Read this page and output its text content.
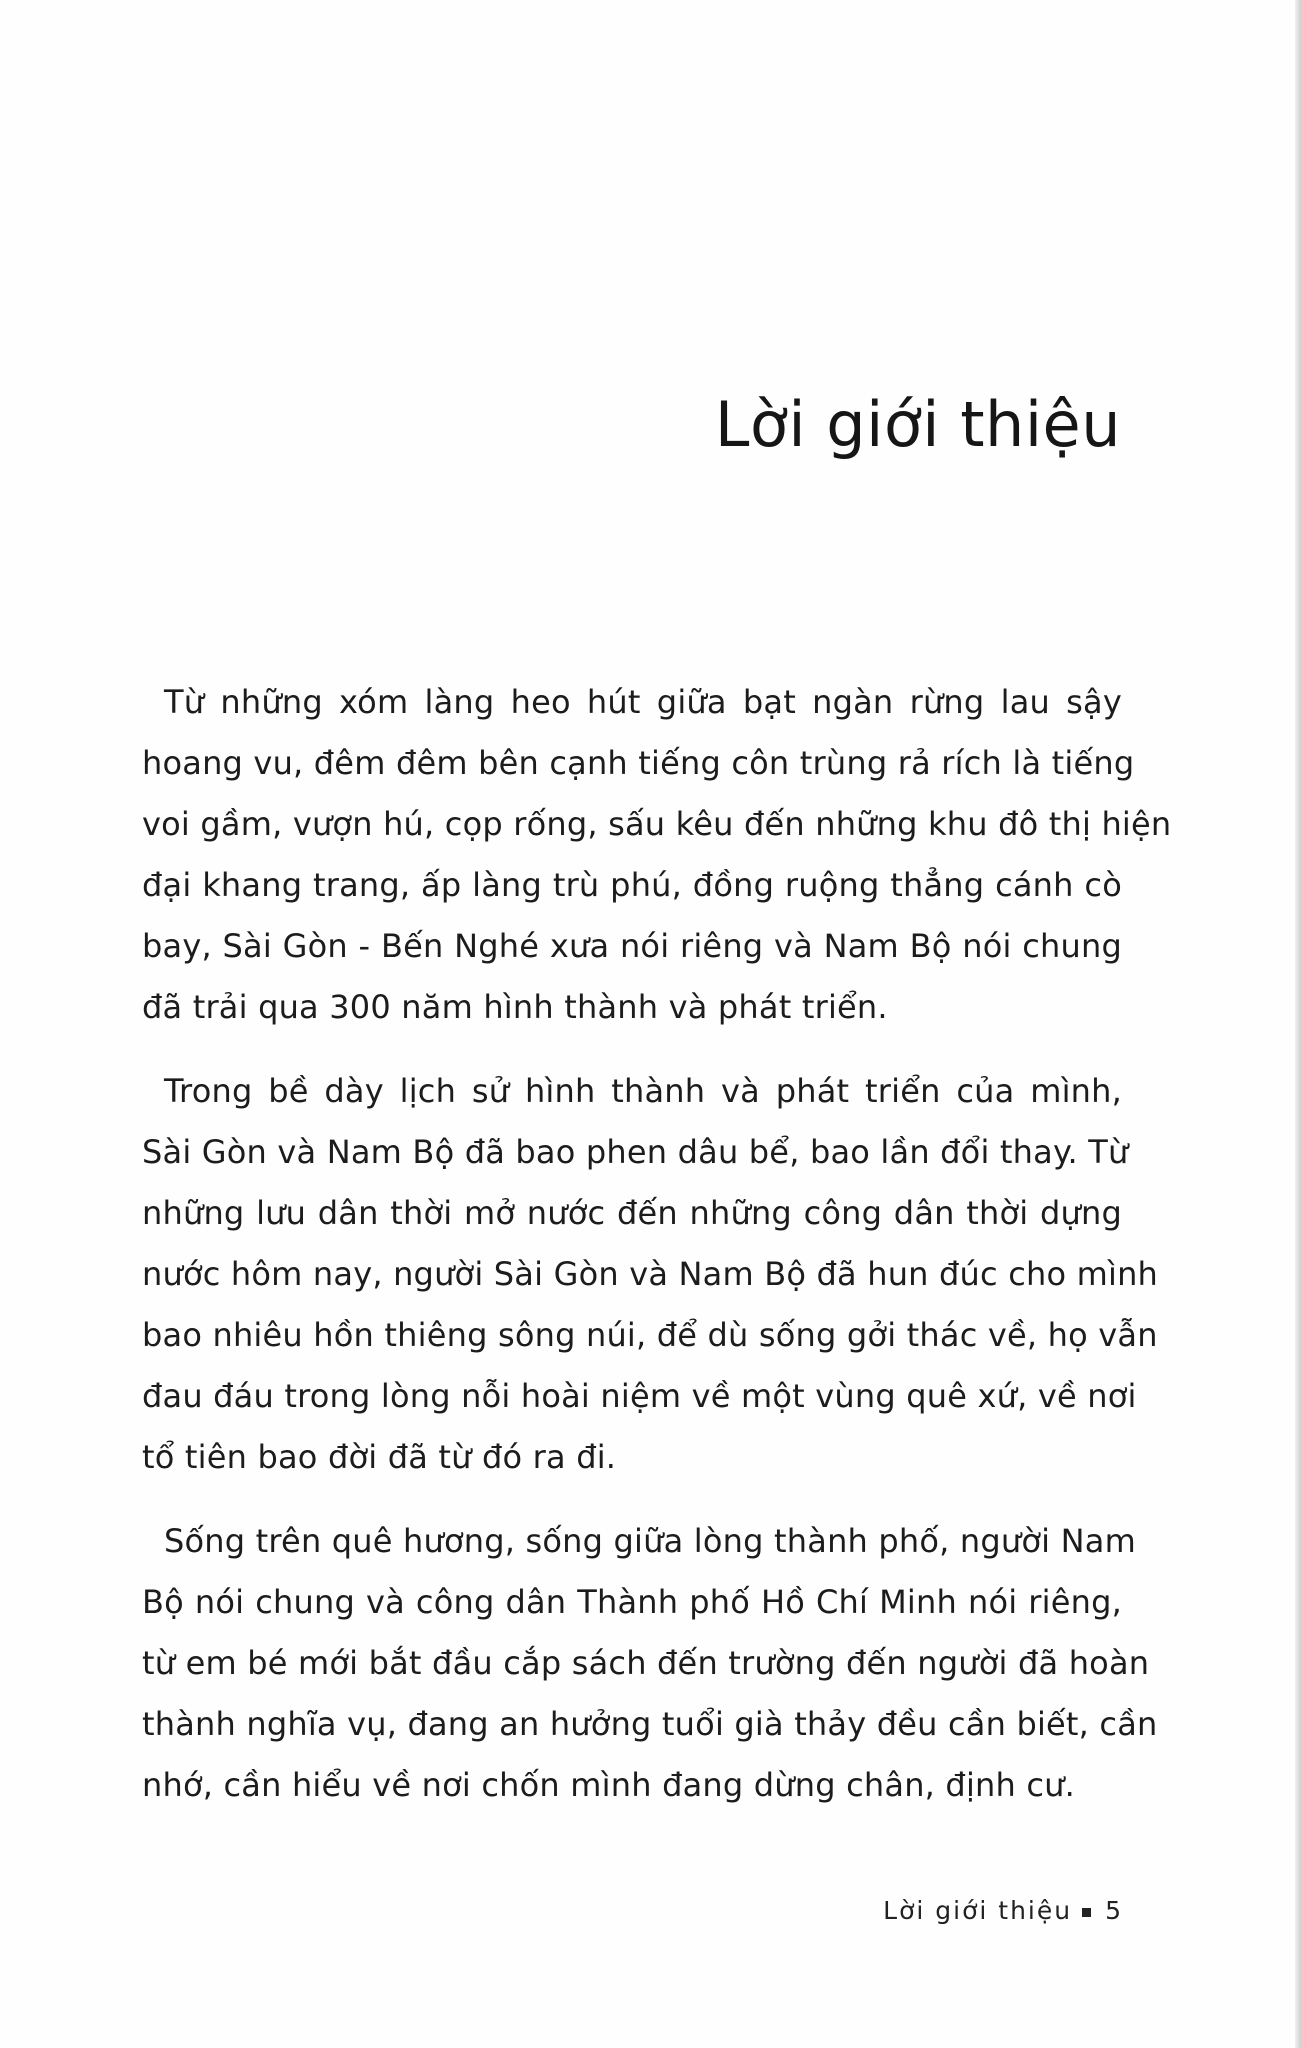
Lời giới thiệu

Từ những xóm làng heo hút giữa bạt ngàn rừng lau sậy
hoang vu, đêm đêm bên cạnh tiếng côn trùng rả rích là tiếng
voi gầm, vượn hú, cọp rống, sấu kêu đến những khu đô thị hiện
đại khang trang, ấp làng trù phú, đồng ruộng thẳng cánh cò
bay, Sài Gòn - Bến Nghé xưa nói riêng và Nam Bộ nói chung
đã trải qua 300 năm hình thành và phát triển.

Trong bề dày lịch sử hình thành và phát triển của mình,
Sài Gòn và Nam Bộ đã bao phen dâu bể, bao lần đổi thay. Từ
những lưu dân thời mở nước đến những công dân thời dựng
nước hôm nay, người Sài Gòn và Nam Bộ đã hun đúc cho mình
bao nhiêu hồn thiêng sông núi, để dù sống gởi thác về, họ vẫn
đau đáu trong lòng nỗi hoài niệm về một vùng quê xứ, về nơi
tổ tiên bao đời đã từ đó ra đi.

Sống trên quê hương, sống giữa lòng thành phố, người Nam
Bộ nói chung và công dân Thành phố Hồ Chí Minh nói riêng,
từ em bé mới bắt đầu cắp sách đến trường đến người đã hoàn
thành nghĩa vụ, đang an hưởng tuổi già thảy đều cần biết, cần
nhớ, cần hiểu về nơi chốn mình đang dừng chân, định cư.

Lời giới thiệu 5
